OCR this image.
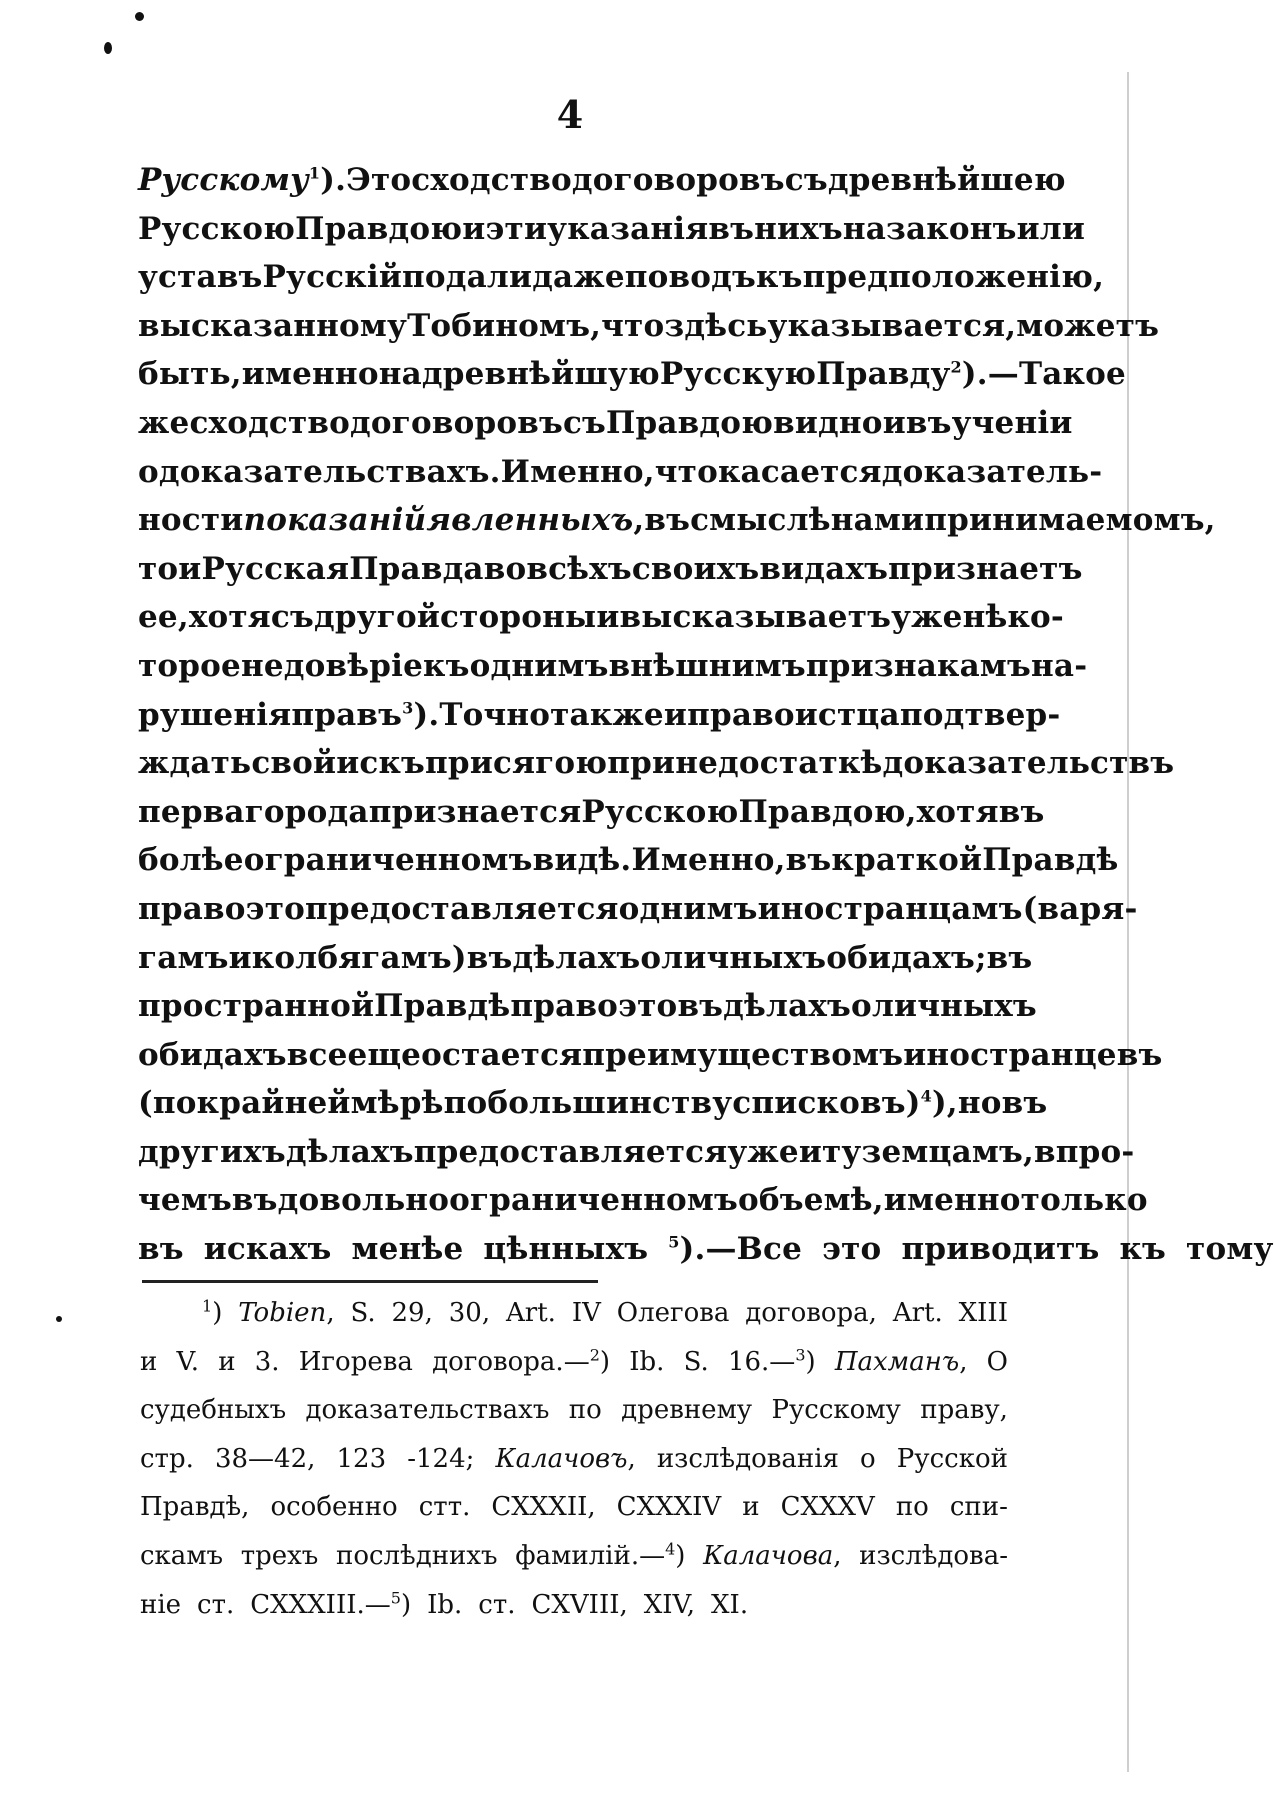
4
Русскому $^1$). Это сходство договоровъ съ древнѣйшею
Русскою Правдою и эти указанія въ нихъ на законъ или
уставъ Русскій подали даже поводъ къ предположенію,
высказанному Тобиномъ, что здѣсь указывается, можетъ
быть, именно на древнѣйшую Русскую Правду $^2$).—Такое
же сходство договоровъ съ Правдою видно и въ ученіи
о доказательствахъ. Именно, что касается доказатель-
ности показаній явленныхъ, въ смыслѣ нами принимаемомъ,
то и Русская Правда во всѣхъ своихъ видахъ признаетъ
ее, хотя съ другой стороны и высказываетъ уже нѣко-
торое недовѣріе къ однимъ внѣшнимъ признакамъ на-
рушенія правъ $^3$). Точно также и право истца подтвер-
ждать свой искъ присягою при недостаткѣ доказательствъ
перваго рода признается Русскою Правдою, хотя въ
болѣе ограниченномъ видѣ. Именно, въ краткой Правдѣ
право это предоставляется однимъ иностранцамъ (варя-
гамъ и колбягамъ) въ дѣлахъ о личныхъ обидахъ; въ
пространной Правдѣ право это въ дѣлахъ о личныхъ
обидахъ все еще остается преимуществомъ иностранцевъ
(по крайней мѣрѣ по большинству списковъ) $^4$), но въ
другихъ дѣлахъ предоставляется уже и туземцамъ, впро-
чемъ въ довольно ограниченномъ объемѣ, именно только
въ искахъ менѣе цѣнныхъ $^5$).—Все это приводитъ къ тому
$^1$) Tobien, S. 29, 30, Art. IV Олегова договора, Art. XIII
и V. и 3. Игорева договора.—$^2$) Ib. S. 16.—$^3$) Пахманъ, О
судебныхъ доказательствахъ по древнему Русскому праву,
стр. 38—42, 123 -124; Калачовъ, изслѣдованія о Русской
Правдѣ, особенно стт. CXXXII, CXXXIV и CXXXV по спи-
скамъ трехъ послѣднихъ фамилій.—$^4$) Калачова, изслѣдова-
ніе ст. CXXXIII.—$^5$) Ib. ст. CXVIII, XIV, XI.
